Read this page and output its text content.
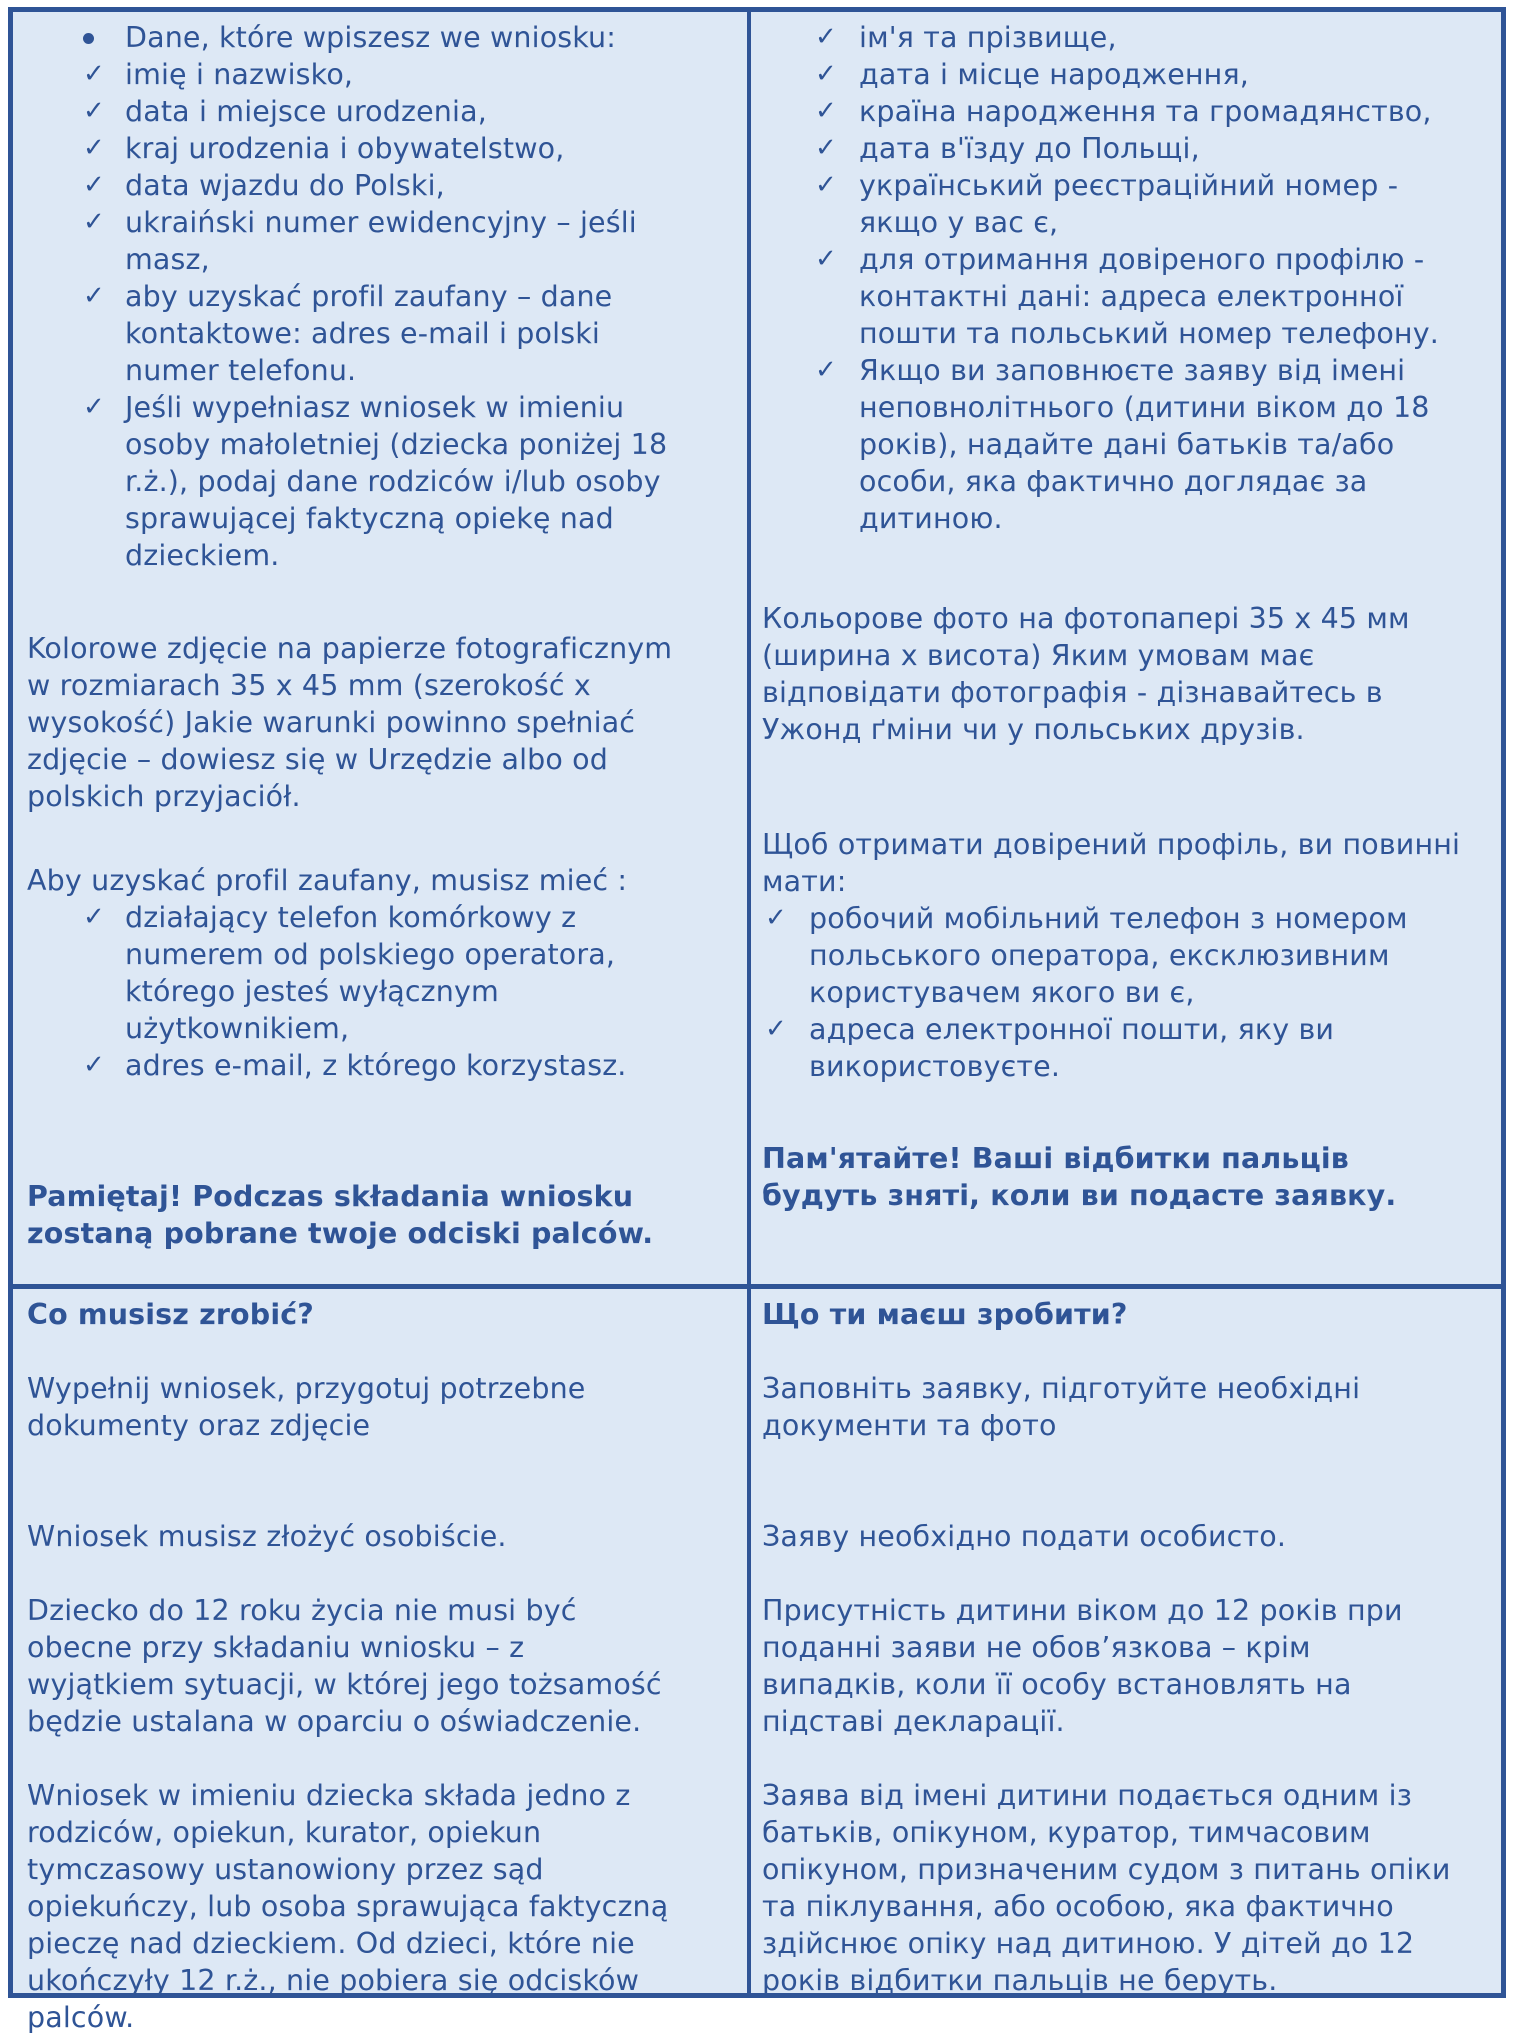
Dane, które wpiszesz we wniosku:
✓ imię i nazwisko,
✓ data i miejsce urodzenia,
✓ kraj urodzenia i obywatelstwo,
✓ data wjazdu do Polski,
✓ ukraiński numer ewidencyjny – jeśli
masz,
✓ aby uzyskać profil zaufany – dane
kontaktowe: adres e-mail i polski
numer telefonu.
✓ Jeśli wypełniasz wniosek w imieniu
osoby małoletniej (dziecka poniżej 18
r.ż.), podaj dane rodziców i/lub osoby
sprawującej faktyczną opiekę nad
dzieckiem.
Kolorowe zdjęcie na papierze fotograficznym
w rozmiarach 35 x 45 mm (szerokość x
wysokość) Jakie warunki powinno spełniać
zdjęcie – dowiesz się w Urzędzie albo od
polskich przyjaciół.
Aby uzyskać profil zaufany, musisz mieć :
✓ działający telefon komórkowy z
numerem od polskiego operatora,
którego jesteś wyłącznym
użytkownikiem,
✓ adres e-mail, z którego korzystasz.
Pamiętaj! Podczas składania wniosku
zostaną pobrane twoje odciski palców.
✓ ім'я та прізвище,
✓ дата і місце народження,
✓ країна народження та громадянство,
✓ дата в'їзду до Польщі,
✓ український реєстраційний номер -
якщо у вас є,
✓ для отримання довіреного профілю -
контактні дані: адреса електронної
пошти та польський номер телефону.
✓ Якщо ви заповнюєте заяву від імені
неповнолітнього (дитини віком до 18
років), надайте дані батьків та/або
особи, яка фактично доглядає за
дитиною.
Кольорове фото на фотопапері 35 х 45 мм
(ширина х висота) Яким умовам має
відповідати фотографія - дізнавайтесь в
Ужонд ґміни чи у польських друзів.
Щоб отримати довірений профіль, ви повинні
мати:
✓ робочий мобільний телефон з номером
польського оператора, ексклюзивним
користувачем якого ви є,
✓ адреса електронної пошти, яку ви
використовуєте.
Пам'ятайте! Ваші відбитки пальців
будуть зняті, коли ви подасте заявку.
Co musisz zrobić?
Wypełnij wniosek, przygotuj potrzebne
dokumenty oraz zdjęcie
Wniosek musisz złożyć osobiście.
Dziecko do 12 roku życia nie musi być
obecne przy składaniu wniosku – z
wyjątkiem sytuacji, w której jego tożsamość
będzie ustalana w oparciu o oświadczenie.
Wniosek w imieniu dziecka składa jedno z
rodziców, opiekun, kurator, opiekun
tymczasowy ustanowiony przez sąd
opiekuńczy, lub osoba sprawująca faktyczną
pieczę nad dzieckiem. Od dzieci, które nie
ukończyły 12 r.ż., nie pobiera się odcisków
palców.
Що ти маєш зробити?
Заповніть заявку, підготуйте необхідні
документи та фото
Заяву необхідно подати особисто.
Присутність дитини віком до 12 років при
поданні заяви не обов’язкова – крім
випадків, коли її особу встановлять на
підставі декларації.
Заява від імені дитини подається одним із
батьків, опікуном, куратор, тимчасовим
опікуном, призначеним судом з питань опіки
та піклування, або особою, яка фактично
здійснює опіку над дитиною. У дітей до 12
років відбитки пальців не беруть.
